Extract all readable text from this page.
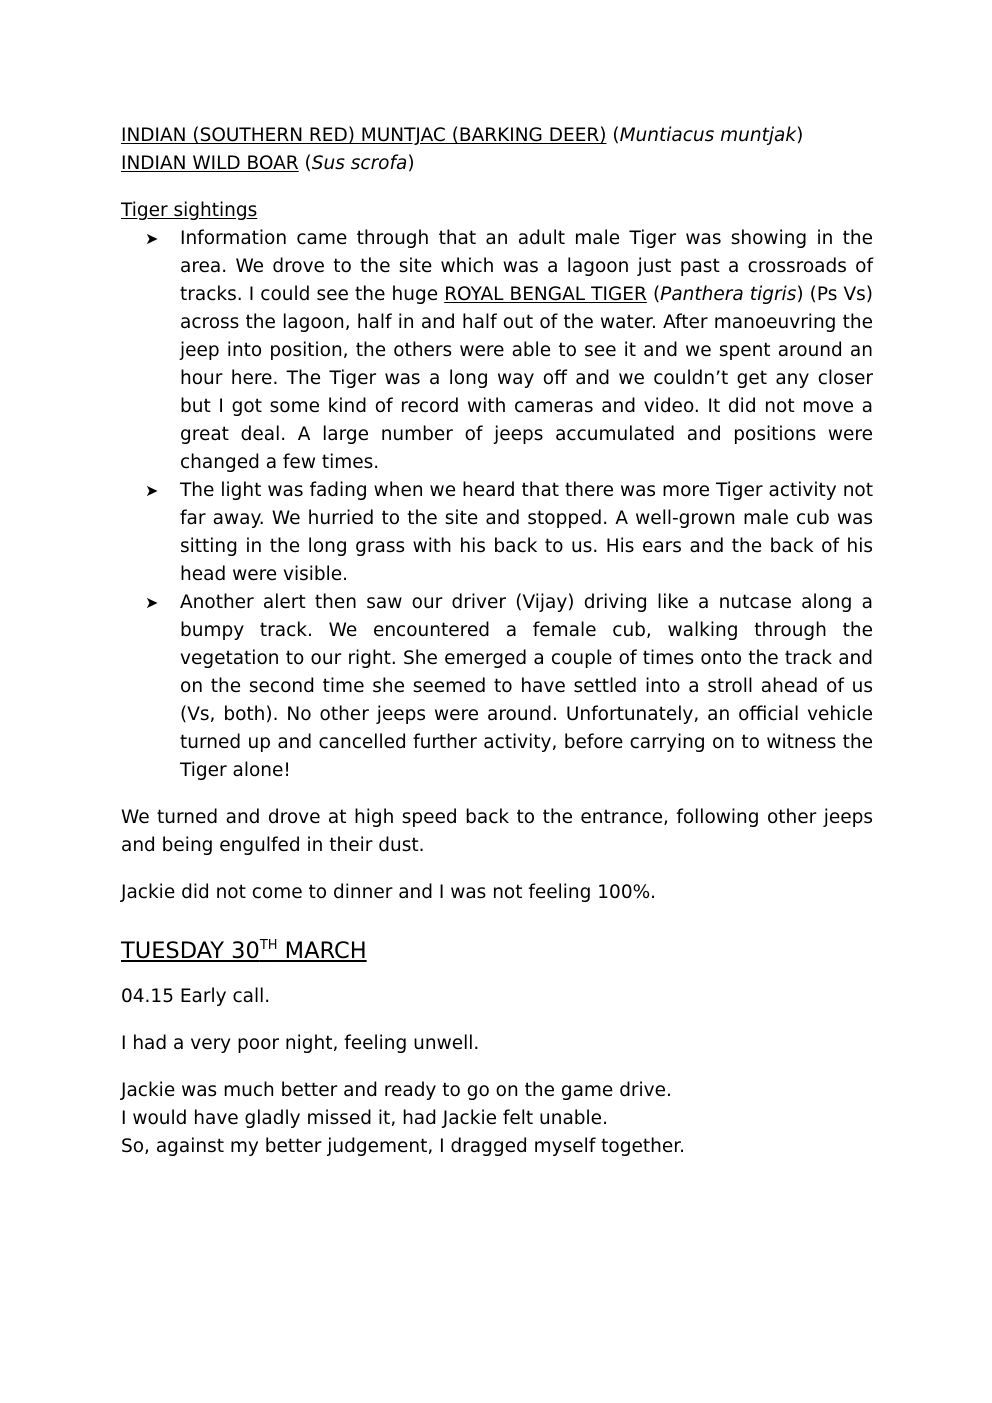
INDIAN (SOUTHERN RED) MUNTJAC (BARKING DEER) (Muntiacus muntjak)

INDIAN WILD BOAR (Sus scrofa)

Tiger sightings

➤ Information came through that an adult male Tiger was showing in the area. We drove to the site which was a lagoon just past a crossroads of tracks. I could see the huge ROYAL BENGAL TIGER (Panthera tigris) (Ps Vs) across the lagoon, half in and half out of the water. After manoeuvring the jeep into position, the others were able to see it and we spent around an hour here. The Tiger was a long way off and we couldn’t get any closer but I got some kind of record with cameras and video. It did not move a great deal. A large number of jeeps accumulated and positions were changed a few times.
➤ The light was fading when we heard that there was more Tiger activity not far away. We hurried to the site and stopped. A well-grown male cub was sitting in the long grass with his back to us. His ears and the back of his head were visible.
➤ Another alert then saw our driver (Vijay) driving like a nutcase along a bumpy track. We encountered a female cub, walking through the vegetation to our right. She emerged a couple of times onto the track and on the second time she seemed to have settled into a stroll ahead of us (Vs, both). No other jeeps were around. Unfortunately, an official vehicle turned up and cancelled further activity, before carrying on to witness the Tiger alone!

We turned and drove at high speed back to the entrance, following other jeeps and being engulfed in their dust.

Jackie did not come to dinner and I was not feeling 100%.

TUESDAY 30TH MARCH

04.15 Early call.

I had a very poor night, feeling unwell.

Jackie was much better and ready to go on the game drive.

I would have gladly missed it, had Jackie felt unable.

So, against my better judgement, I dragged myself together.
